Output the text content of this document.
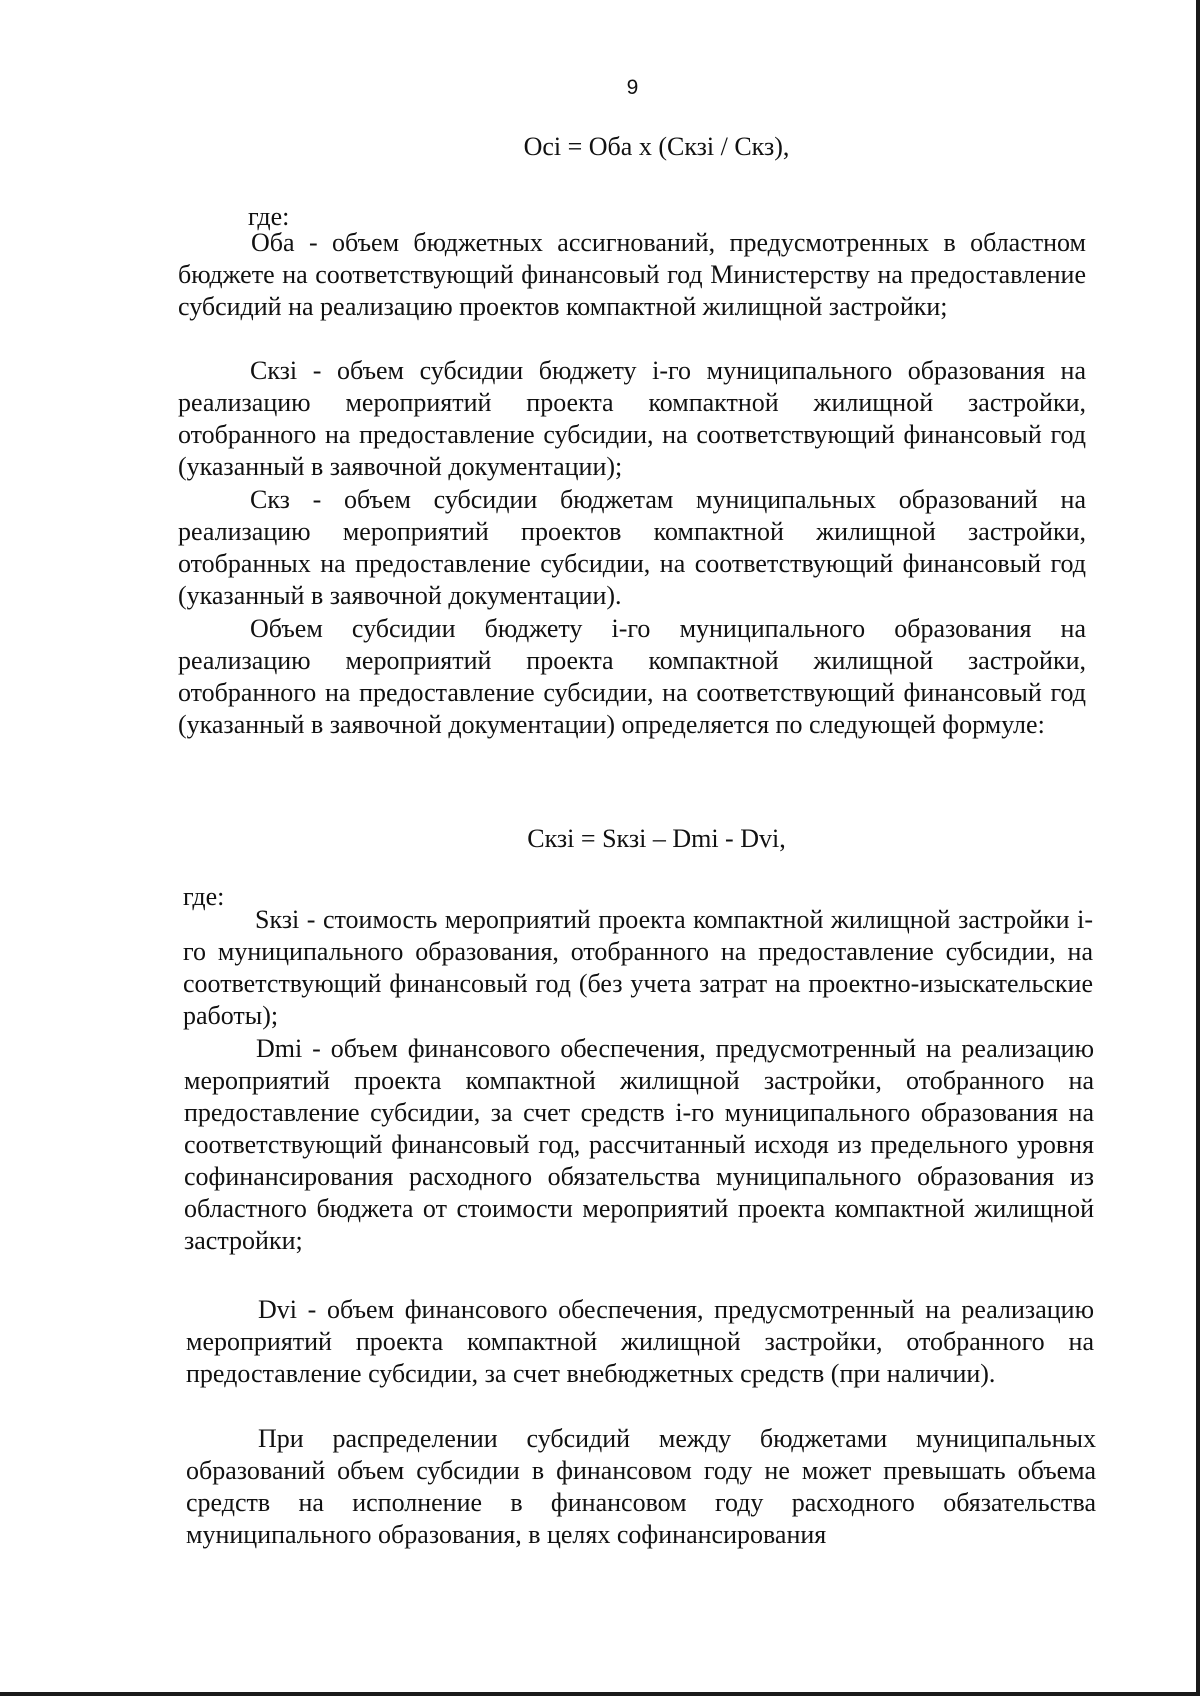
9
Осi = Оба х (Скзi / Скз),
где:

Оба - объем бюджетных ассигнований, предусмотренных в областном бюджете на соответствующий финансовый год Министерству на предоставление субсидий на реализацию проектов компактной жилищной застройки;

Скзi - объем субсидии бюджету i-го муниципального образования на реализацию мероприятий проекта компактной жилищной застройки, отобранного на предоставление субсидии, на соответствующий финансовый год (указанный в заявочной документации);

Скз - объем субсидии бюджетам муниципальных образований на реализацию мероприятий проектов компактной жилищной застройки, отобранных на предоставление субсидии, на соответствующий финансовый год (указанный в заявочной документации).

Объем субсидии бюджету i-го муниципального образования на реализацию мероприятий проекта компактной жилищной застройки, отобранного на предоставление субсидии, на соответствующий финансовый год (указанный в заявочной документации) определяется по следующей формуле:

Скзi = Sкзi – Dmi - Dvi,
где:

Sкзi - стоимость мероприятий проекта компактной жилищной застройки i-го муниципального образования, отобранного на предоставление субсидии, на соответствующий финансовый год (без учета затрат на проектно-изыскательские работы);

Dmi - объем финансового обеспечения, предусмотренный на реализацию мероприятий проекта компактной жилищной застройки, отобранного на предоставление субсидии, за счет средств i-го муниципального образования на соответствующий финансовый год, рассчитанный исходя из предельного уровня софинансирования расходного обязательства муниципального образования из областного бюджета от стоимости мероприятий проекта компактной жилищной застройки;

Dvi - объем финансового обеспечения, предусмотренный на реализацию мероприятий проекта компактной жилищной застройки, отобранного на предоставление субсидии, за счет внебюджетных средств (при наличии).

При распределении субсидий между бюджетами муниципальных образований объем субсидии в финансовом году не может превышать объема средств на исполнение в финансовом году расходного обязательства муниципального образования, в целях софинансирования
